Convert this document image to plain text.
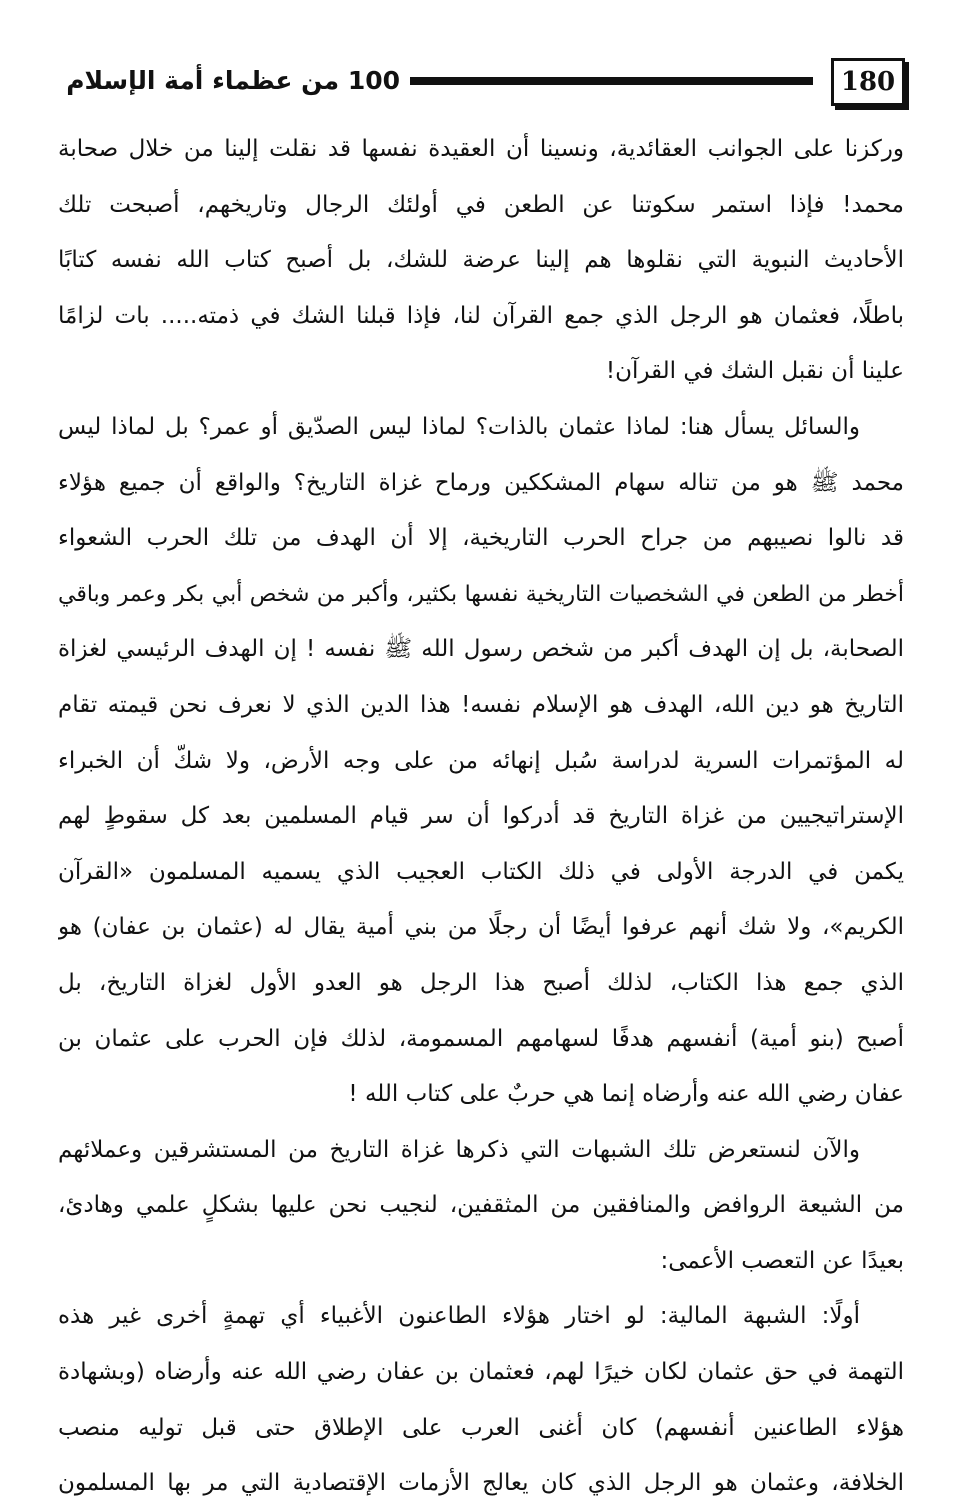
100 من عظماء أمة الإسلام	180
وركزنا على الجوانب العقائدية، ونسينا أن العقيدة نفسها قد نقلت إلينا من خلال صحابة
محمد! فإذا استمر سكوتنا عن الطعن في أولئك الرجال وتاريخهم، أصبحت تلك
الأحاديث النبوية التي نقلوها هم إلينا عرضة للشك، بل أصبح كتاب الله نفسه كتابًا
باطلًا، فعثمان هو الرجل الذي جمع القرآن لنا، فإذا قبلنا الشك في ذمته..... بات لزامًا
علينا أن نقبل الشك في القرآن!
والسائل يسأل هنا: لماذا عثمان بالذات؟ لماذا ليس الصدّيق أو عمر؟ بل لماذا ليس
محمد ﷺ هو من تناله سهام المشككين ورماح غزاة التاريخ؟ والواقع أن جميع هؤلاء
قد نالوا نصيبهم من جراح الحرب التاريخية، إلا أن الهدف من تلك الحرب الشعواء
أخطر من الطعن في الشخصيات التاريخية نفسها بكثير، وأكبر من شخص أبي بكر وعمر وباقي
الصحابة، بل إن الهدف أكبر من شخص رسول الله ﷺ نفسه ! إن الهدف الرئيسي لغزاة
التاريخ هو دين الله، الهدف هو الإسلام نفسه! هذا الدين الذي لا نعرف نحن قيمته تقام
له المؤتمرات السرية لدراسة سُبل إنهائه من على وجه الأرض، ولا شكّ أن الخبراء
الإستراتيجيين من غزاة التاريخ قد أدركوا أن سر قيام المسلمين بعد كل سقوطٍ لهم
يكمن في الدرجة الأولى في ذلك الكتاب العجيب الذي يسميه المسلمون «القرآن
الكريم»، ولا شك أنهم عرفوا أيضًا أن رجلًا من بني أمية يقال له (عثمان بن عفان) هو
الذي جمع هذا الكتاب، لذلك أصبح هذا الرجل هو العدو الأول لغزاة التاريخ، بل
أصبح (بنو أمية) أنفسهم هدفًا لسهامهم المسمومة، لذلك فإن الحرب على عثمان بن
عفان رضي الله عنه وأرضاه إنما هي حربٌ على كتاب الله !
والآن لنستعرض تلك الشبهات التي ذكرها غزاة التاريخ من المستشرقين وعملائهم
من الشيعة الروافض والمنافقين من المثقفين، لنجيب نحن عليها بشكلٍ علمي وهادئ،
بعيدًا عن التعصب الأعمى:
أولًا: الشبهة المالية: لو اختار هؤلاء الطاعنون الأغبياء أي تهمةٍ أخرى غير هذه
التهمة في حق عثمان لكان خيرًا لهم، فعثمان بن عفان رضي الله عنه وأرضاه (وبشهادة
هؤلاء الطاعنين أنفسهم) كان أغنى العرب على الإطلاق حتى قبل توليه منصب
الخلافة، وعثمان هو الرجل الذي كان يعالج الأزمات الإقتصادية التي مر بها المسلمون
